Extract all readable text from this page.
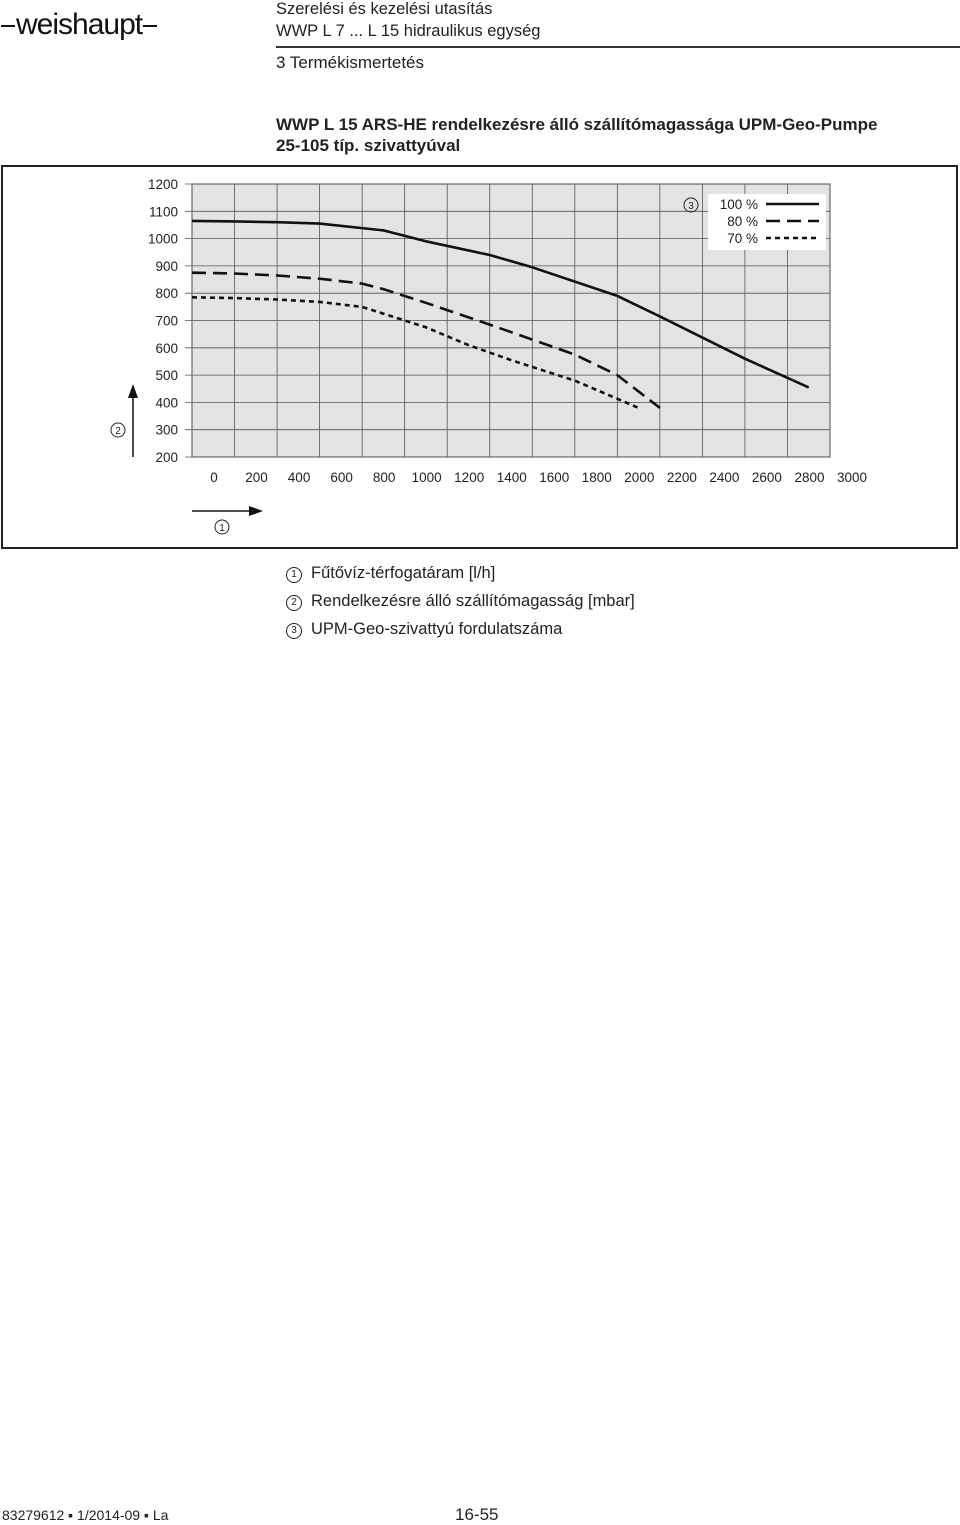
weishaupt	Szerelési és kezelési utasítás
WWP L 7 ... L 15 hidraulikus egység
3 Termékismertetés
WWP L 15 ARS-HE rendelkezésre álló szállítómagassága UPM-Geo-Pumpe
25-105 típ. szivattyúval
0 200 400 600 800 1000 1200 1400 1600 1800 2000 2200 2400 2600 2800 3000
200
300
400
500
600
700
800
900
1000
1100
1200
2
1
3 100 %
80 %
70 %
1 Fűtővíz-térfogatáram [l/h]
2 Rendelkezésre álló szállítómagasság [mbar]
3 UPM-Geo-szivattyú fordulatszáma
83279612 ▪ 1/2014-09 ▪ La	16-55
